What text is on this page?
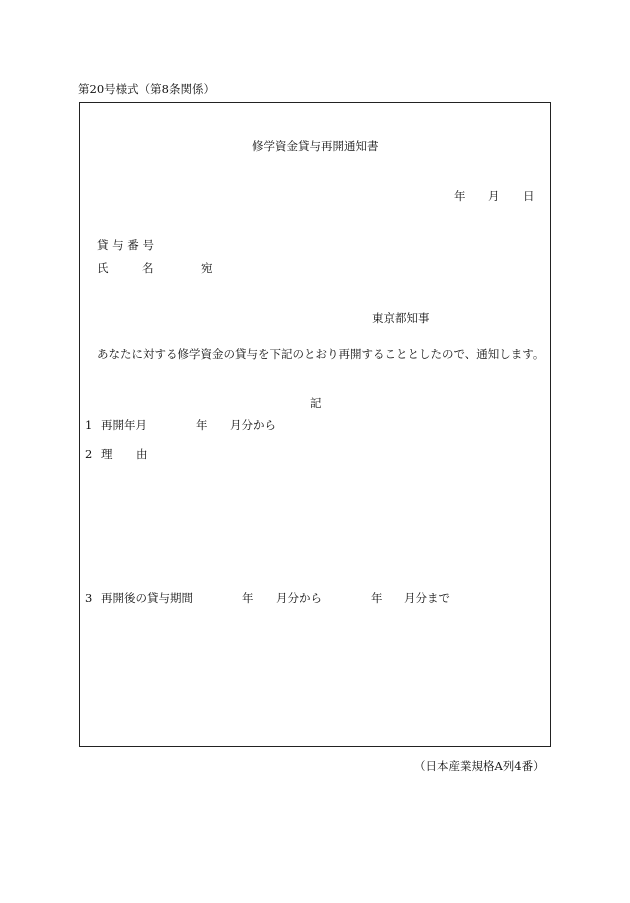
第20号様式（第8条関係）
修学資金貸与再開通知書
年 月 日
貸 与 番 号
氏	名	宛
東京都知事
あなたに対する修学資金の貸与を下記のとおり再開することとしたので、通知します。
記
1 再開年月	年 月分から
2 理 由
3 再開後の貸与期間	年 月分から	年 月分まで
（日本産業規格A列4番）
